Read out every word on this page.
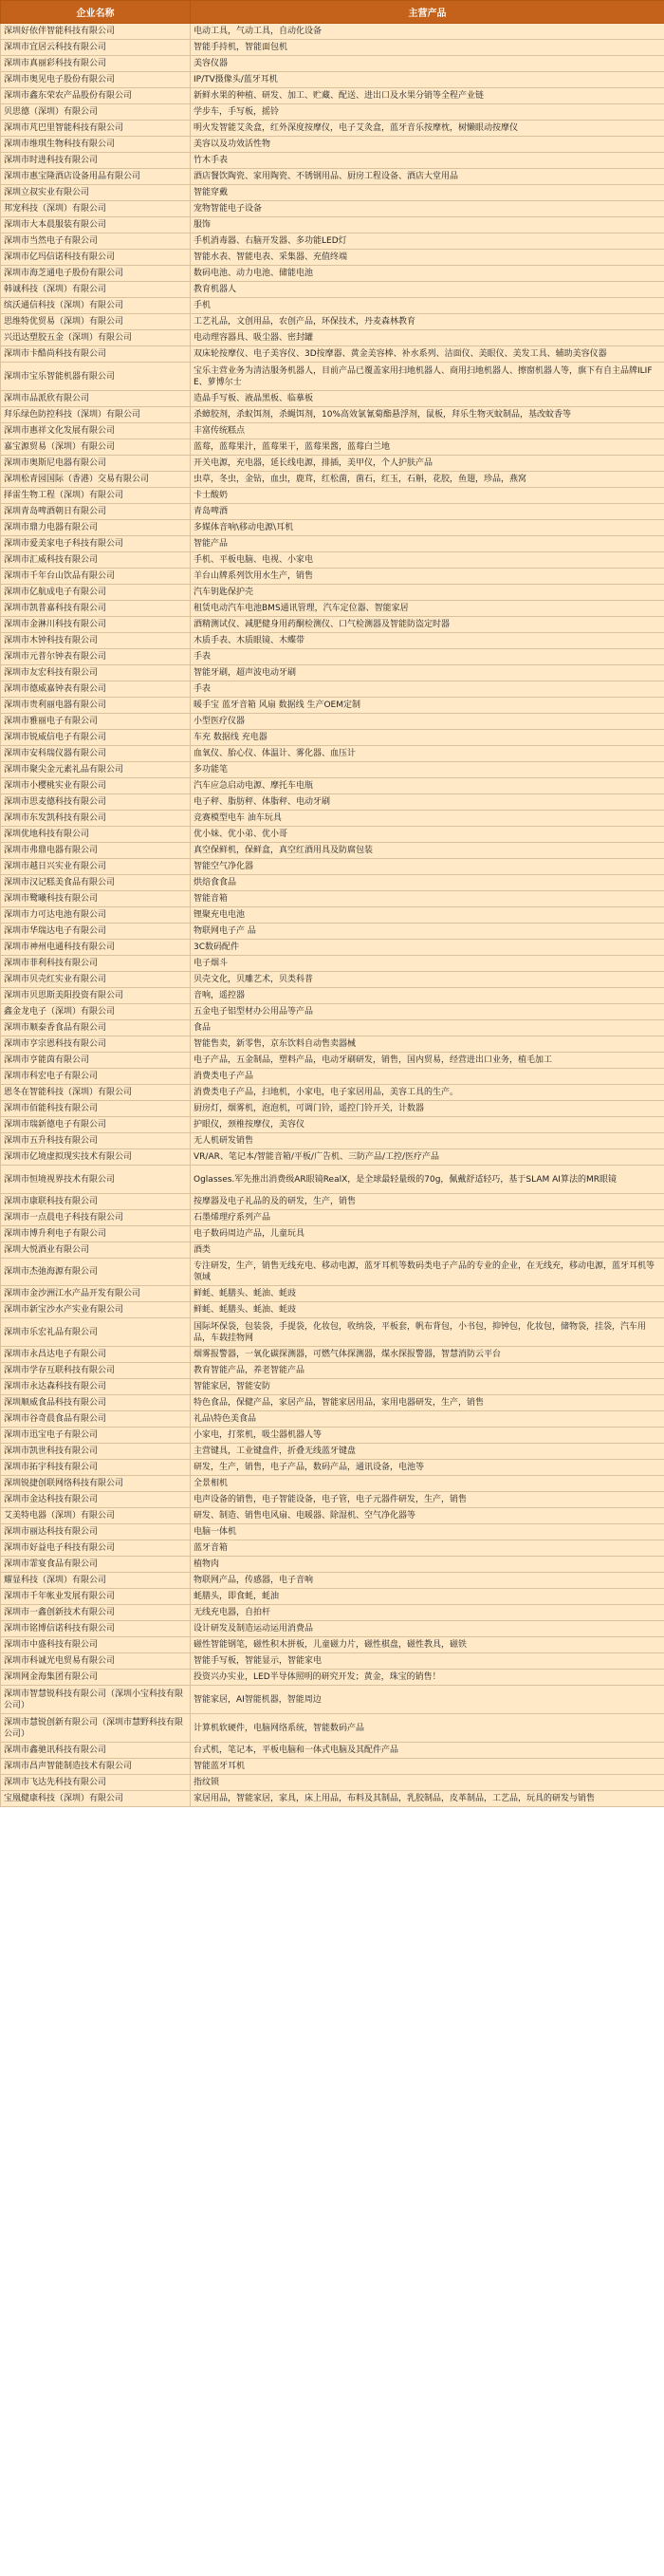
企业名称	主营产品
深圳好依伴智能科技有限公司	电动工具，气动工具，自动化设备
深圳市宜居云科技有限公司	智能手持机，智能面包机
深圳市真丽彩科技有限公司	美容仪器
深圳市奥见电子股份有限公司	IP/TV摄像头/蓝牙耳机
深圳市鑫东荣农产品股份有限公司	新鲜水果的种植、研发、加工、贮藏、配送、进出口及水果分销等全程产业链
贝思德（深圳）有限公司	学步车，手写板，摇铃
深圳市芃巴里智能科技有限公司	明火发智能艾灸盒，红外深度按摩仪，电子艾灸盒，蓝牙音乐按摩枕，树懒眼动按摩仪
深圳市维琪生物科技有限公司	美容以及功效活性物
深圳市时进科技有限公司	竹木手表
深圳市惠宝隆酒店设备用品有限公司	酒店餐饮陶瓷、家用陶瓷、不锈钢用品、厨房工程设备、酒店大堂用品
深圳立叔实业有限公司	智能穿戴
邦宠科技（深圳）有限公司	宠物智能电子设备
深圳市大本晨服装有限公司	服饰
深圳市当然电子有限公司	手机消毒器、右脑开发器、多功能LED灯
深圳市亿玛信诺科技有限公司	智能水表、智能电表、采集器、充值终端
深圳市海芝通电子股份有限公司	数码电池、动力电池、储能电池
韩诚科技（深圳）有限公司	教育机器人
缤沃通信科技（深圳）有限公司	手机
思维特优贸易（深圳）有限公司	工艺礼品，文创用品，农创产品，环保技术，丹麦森林教育
兴迅达塑胶五金（深圳）有限公司	电动理容器具、吸尘器、密封罐
深圳市卡酷尚科技有限公司	双床轮按摩仪、电子美容仪、3D按摩器、黄金美容棒、补水系列、洁面仪、美眼仪、美发工具、辅助美容仪器
深圳市宝乐智能机器有限公司	宝乐主营业务为清洁服务机器人，目前产品已覆盖家用扫地机器人、商用扫地机器人、擦窗机器人等，旗下有自主品牌ILIFE、萝博尔士
深圳市品派欣有限公司	造晶手写板、液晶黑板、临摹板
拜乐绿色防控科技（深圳）有限公司	杀蟑胶剂，杀蚁饵剂，杀蝇饵剂，10%高效氯氰菊酯悬浮剂，鼠板，拜乐生物灭蚊制品，基改蚊香等
深圳市惠祥文化发展有限公司	丰富传统糕点
嘉宝源贸易（深圳）有限公司	蓝莓，蓝莓果汁，蓝莓果干，蓝莓果酱，蓝莓白兰地
深圳市奥斯尼电器有限公司	开关电源，充电器，延长线电源，排插，美甲仪，个人护肤产品
深圳松青园国际（香港）交易有限公司	虫草，冬虫，金钻，血虫，鹿茸，红松菌，菌石，红玉，石斛，花胶，鱼翅，珍品，燕窝
择雷生物工程（深圳）有限公司	卡士酸奶
深圳青岛啤酒朝日有限公司	青岛啤酒
深圳市鼎力电器有限公司	多媒体音响\移动电源\耳机
深圳市爱美家电子科技有限公司	智能产品
深圳市汇威科技有限公司	手机、平板电脑、电视、小家电
深圳市千年台山饮品有限公司	羊台山牌系列饮用水生产，销售
深圳市亿航成电子有限公司	汽车钥匙保护壳
深圳市凯普嘉科技有限公司	租赁电动汽车电池BMS通讯管理，汽车定位器、智能家居
深圳市金淋川科技有限公司	酒精测试仪、减肥健身用药酮检测仪、口气检测器及智能防盗定时器
深圳市木钟科技有限公司	木质手表、木质眼镜、木蝶带
深圳市元普尔钟表有限公司	手表
深圳市友宏科技有限公司	智能牙刷，超声波电动牙刷
深圳市德威嘉钟表有限公司	手表
深圳市贵利丽电器有限公司	暖手宝 蓝牙音箱 风扇 数据线 生产OEM定制
深圳市雅丽电子有限公司	小型医疗仪器
深圳市锐威信电子有限公司	车充 数据线 充电器
深圳市安科瑞仪器有限公司	血氧仪、胎心仪、体温计、雾化器、血压计
深圳市聚尖金元素礼品有限公司	多功能笔
深圳市小樱桃实业有限公司	汽车应急启动电源、摩托车电瓶
深圳市思麦德科技有限公司	电子秤、脂肪秤、体脂秤、电动牙刷
深圳市东发凯科技有限公司	竞赛模型电车 油车玩具
深圳优地科技有限公司	优小妹、优小弟、优小哥
深圳市弗鼎电器有限公司	真空保鲜机，保鲜盒，真空红酒用具及防腐包装
深圳市越日兴实业有限公司	智能空气净化器
深圳市汉记糕美食品有限公司	烘焙食食品
深圳市鹭曦科技有限公司	智能音箱
深圳市力可达电池有限公司	锂聚充电电池
深圳市华瑞达电子有限公司	物联网电子产 品
深圳市神州电通科技有限公司	3C数码配件
深圳市菲利科技有限公司	电子烟斗
深圳市贝壳红实业有限公司	贝壳文化，贝雕艺术，贝类科普
深圳市贝思斯美阳投资有限公司	音响，遥控器
鑫金龙电子（深圳）有限公司	五金电子铝型材办公用品等产品
深圳市顺泰香食品有限公司	食品
深圳市亨宗恩科技有限公司	智能售卖，新零售，京东饮料自动售卖器械
深圳市亨能茵有限公司	电子产品，五金制品，塑料产品，电动牙刷研发，销售，国内贸易，经营进出口业务，植毛加工
深圳市科宏电子有限公司	消费类电子产品
恩冬在智能科技（深圳）有限公司	消费类电子产品，扫地机，小家电，电子家居用品，美容工具的生产。
深圳市佰能科技有限公司	厨房灯，烟雾机，泡泡机，可调门铃，遥控门铃开关，计数器
深圳市瑞新德电子有限公司	护眼仪，颈椎按摩仪，美容仪
深圳市五升科技有限公司	无人机研发销售
深圳市亿境虚拟现实技术有限公司	VR/AR、笔记本/智能音箱/平板/广告机、三防产品/工控/医疗产品
深圳市恒境视界技术有限公司	Oglasses.军先推出消费级AR眼镜RealX，是全球最轻量级的70g，佩戴舒适轻巧，基于SLAM AI算法的MR眼镜
深圳市康联科技有限公司	按摩器及电子礼品的及的研发，生产，销售
深圳市一点晨电子科技有限公司	石墨烯理疗系列产品
深圳市博升利电子有限公司	电子数码周边产品，儿童玩具
深圳大悦酒业有限公司	酒类
深圳市杰弛海源有限公司	专注研发，生产，销售无线充电、移动电源，蓝牙耳机等数码类电子产品的专业的企业，在无线充，移动电源，蓝牙耳机等领域
深圳市金沙洲江水产品开发有限公司	鲜蚝、蚝膳头、蚝油、蚝豉
深圳市新宝沙水产实业有限公司	鲜蚝、蚝膳头、蚝油、蚝豉
深圳市乐宏礼品有限公司	国际坏保袋，包装袋，手提袋，化妆包，收纳袋，平板套，帆布背包，小书包，抑钟包，化妆包，储物袋，挂袋，汽车用品，车载挂物网
深圳市永昌达电子有限公司	烟雾报警器，一氧化碳探测器，可燃气体探测器，煤水探报警器，智慧消防云平台
深圳市学存互联科技有限公司	教育智能产品，养老智能产品
深圳市永达森科技有限公司	智能家居，智能安防
深圳顺威食品科技有限公司	特色食品，保健产品，家居产品，智能家居用品，家用电器研发，生产，销售
深圳市谷奇晨食品有限公司	礼品\特色美食品
深圳市迅宝电子有限公司	小家电，打浆机，吸尘器机器人等
深圳市凯世科技有限公司	主营键具，工业键盘件，折叠无线蓝牙键盘
深圳市拓宇科技有限公司	研发，生产，销售，电子产品，数码产品，通讯设备，电池等
深圳锐捷创联网络科技有限公司	全景相机
深圳市金达科技有限公司	电声设备的销售，电子智能设备，电子管，电子元器件研发，生产，销售
艾美特电器（深圳）有限公司	研发、制造、销售电风扇、电暖器、除湿机、空气净化器等
深圳市丽达科技有限公司	电脑一体机
深圳市好益电子科技有限公司	蓝牙音箱
深圳市霏宴食品有限公司	植物肉
耀显科技（深圳）有限公司	物联网产品，传感器，电子音响
深圳市千年帐业发展有限公司	蚝膳头，即食蚝，蚝油
深圳市一鑫创新技术有限公司	无线充电器，自拍杆
深圳市铭博信诺科技有限公司	设计研发及制造运动运用消费品
深圳市中盛科技有限公司	磁性智能钢笔，磁性积木拼板，儿童磁力片，磁性棋盘，磁性教具，磁铁
深圳市科诚光电贸易有限公司	智能手写板，智能显示，智能家电
深圳网金海集团有限公司	投资兴办实业，LED半导体照明的研究开发；黄金，珠宝的销售！
深圳市智慧锐科技有限公司（深圳小宝科技有限公司）	智能家居，AI智能机器，智能周边
深圳市慧锐创新有限公司（深圳市慧野科技有限公司）	计算机软硬件，电脑网络系统，智能数码产品
深圳市鑫驰讯科技有限公司	台式机，笔记本，平板电脑和一体式电脑及其配件产品
深圳市昌声智能制造技术有限公司	智能蓝牙耳机
深圳市飞达先科技有限公司	指纹锁
宝凰健康科技（深圳）有限公司	家居用品，智能家居，家具，床上用品，布料及其制品，乳胶制品，皮革制品，工艺品，玩具的研发与销售
